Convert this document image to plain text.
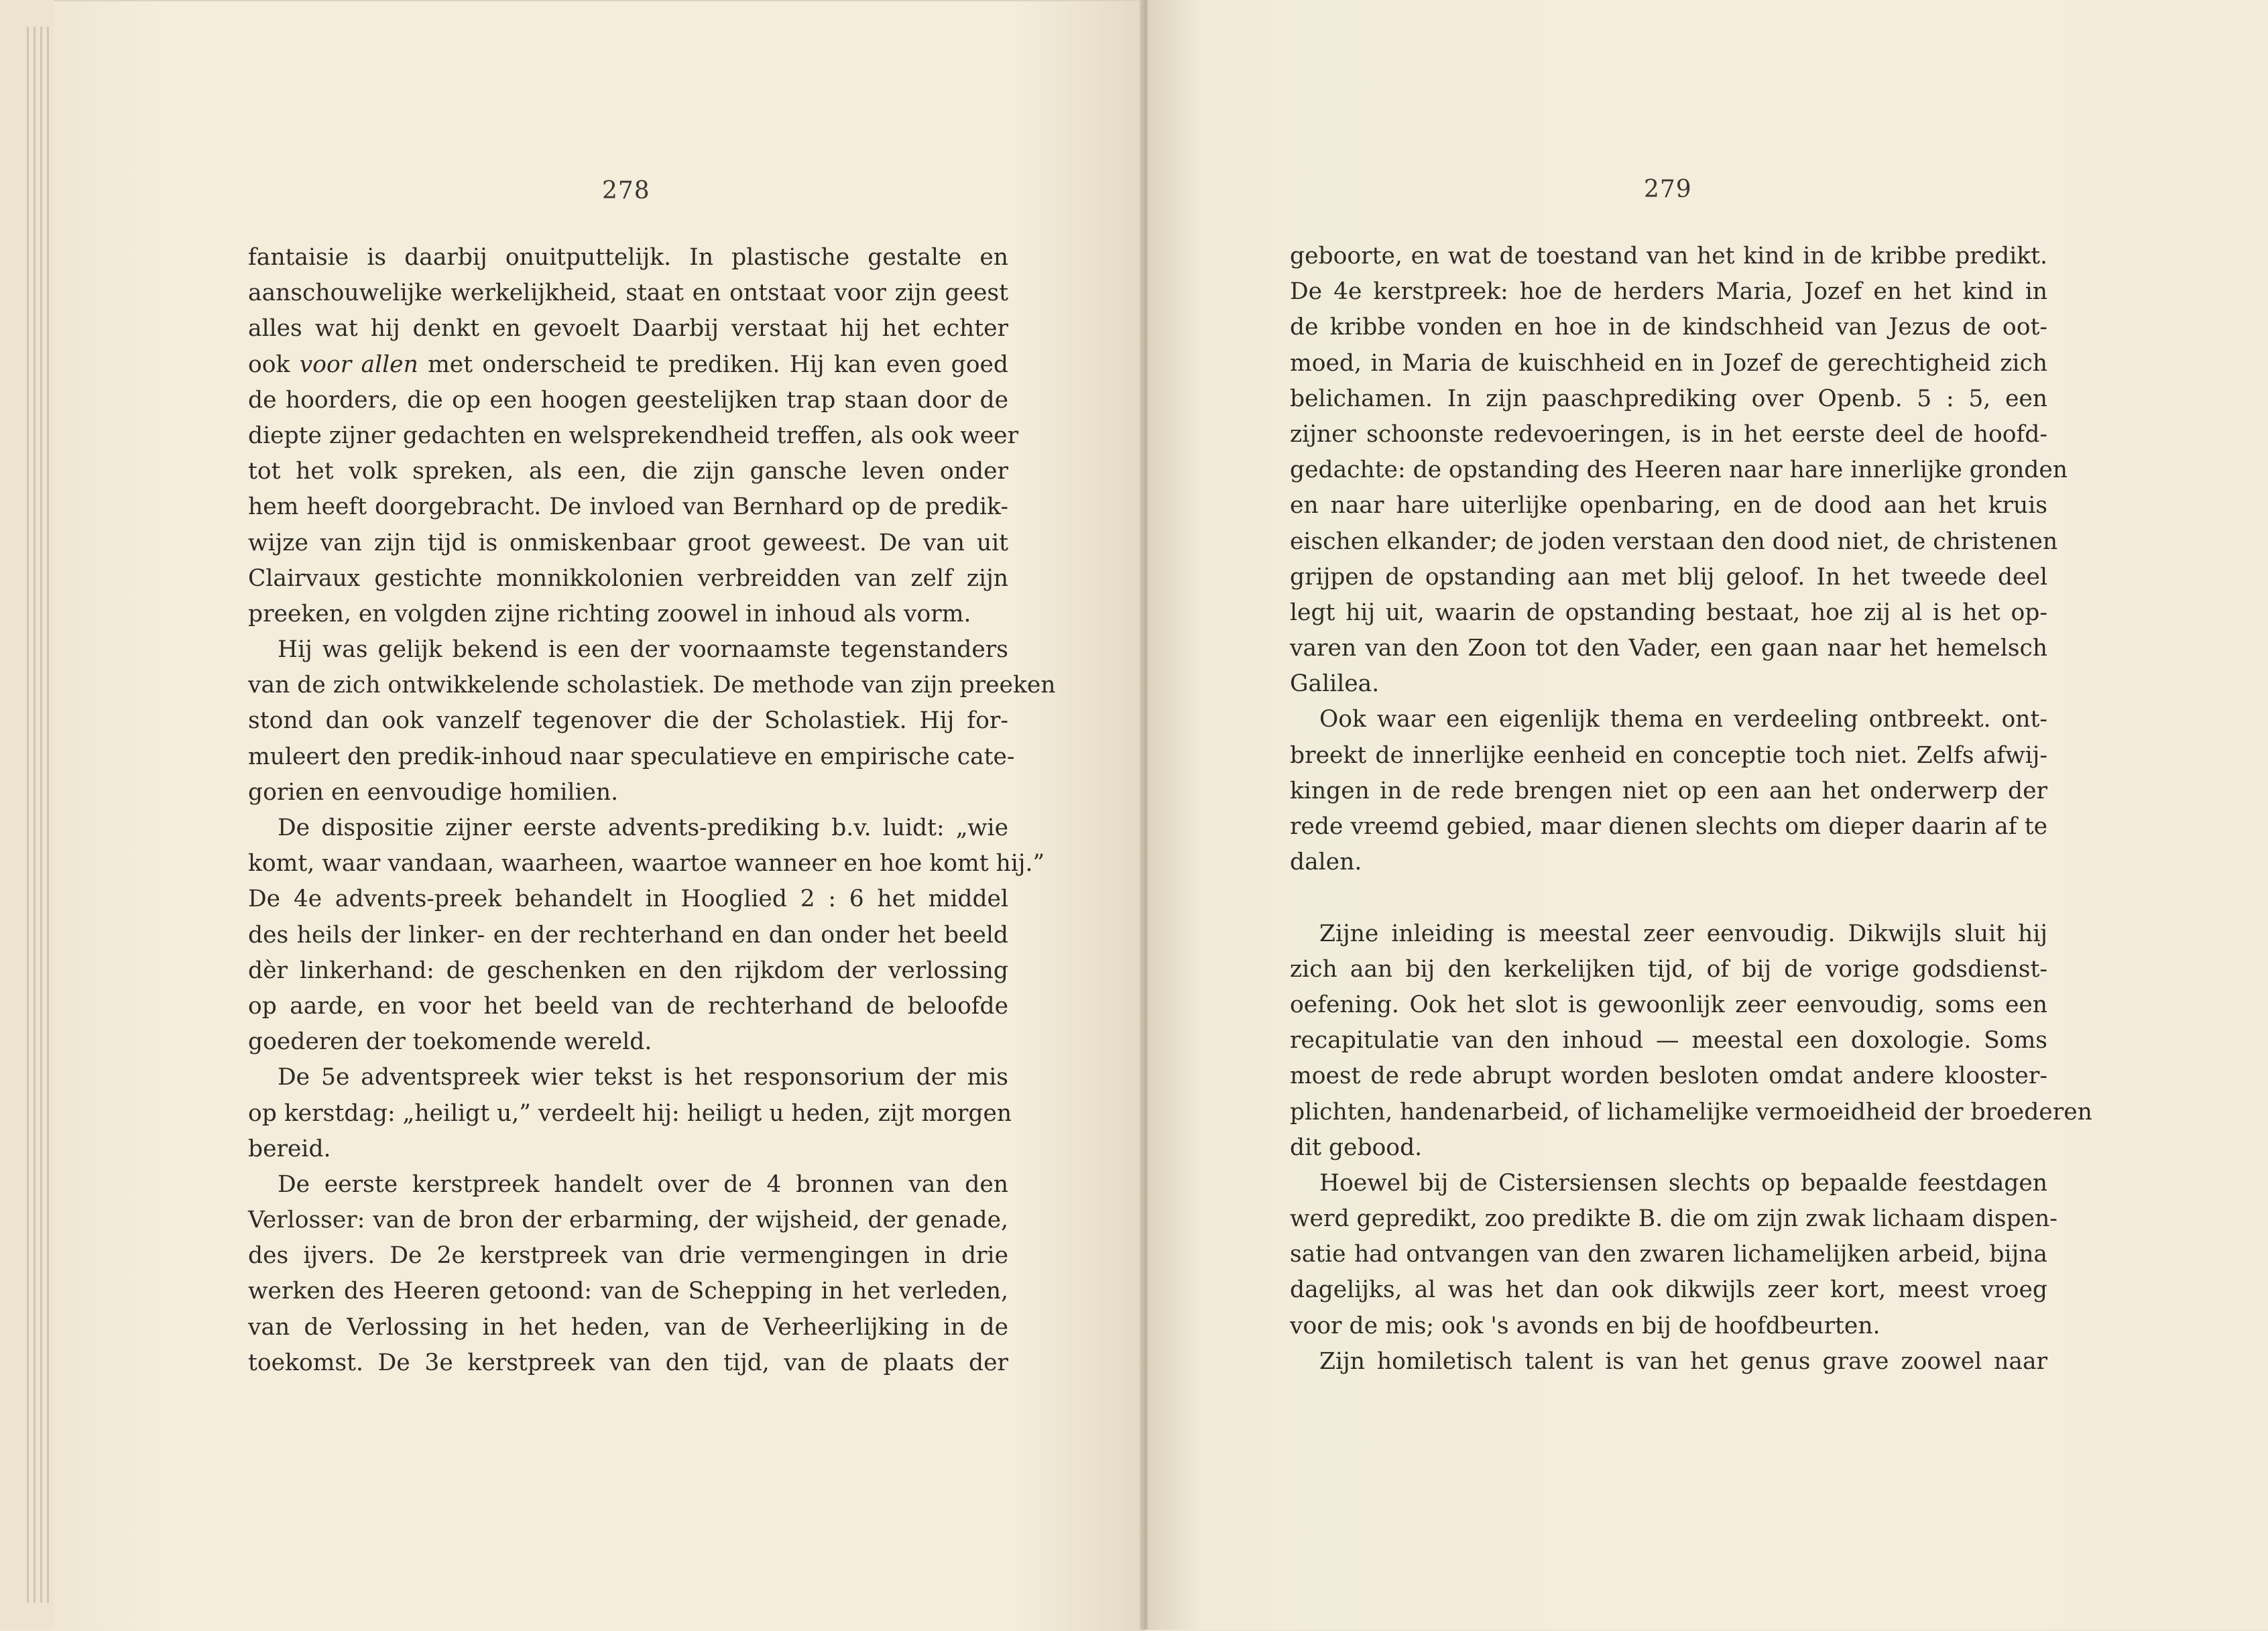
278
fantaisie is daarbij onuitputtelijk. In plastische gestalte en
aanschouwelijke werkelijkheid, staat en ontstaat voor zijn geest
alles wat hij denkt en gevoelt Daarbij verstaat hij het echter
ook voor allen met onderscheid te prediken. Hij kan even goed
de hoorders, die op een hoogen geestelijken trap staan door de
diepte zijner gedachten en welsprekendheid treffen, als ook weer
tot het volk spreken, als een, die zijn gansche leven onder
hem heeft doorgebracht. De invloed van Bernhard op de predik-
wijze van zijn tijd is onmiskenbaar groot geweest. De van uit
Clairvaux gestichte monnikkolonien verbreidden van zelf zijn
preeken, en volgden zijne richting zoowel in inhoud als vorm.
Hij was gelijk bekend is een der voornaamste tegenstanders
van de zich ontwikkelende scholastiek. De methode van zijn preeken
stond dan ook vanzelf tegenover die der Scholastiek. Hij for-
muleert den predik-inhoud naar speculatieve en empirische cate-
gorien en eenvoudige homilien.
De dispositie zijner eerste advents-prediking b.v. luidt: „wie
komt, waar vandaan, waarheen, waartoe wanneer en hoe komt hij.”
De 4e advents-preek behandelt in Hooglied 2 : 6 het middel
des heils der linker- en der rechterhand en dan onder het beeld
dèr linkerhand: de geschenken en den rijkdom der verlossing
op aarde, en voor het beeld van de rechterhand de beloofde
goederen der toekomende wereld.
De 5e adventspreek wier tekst is het responsorium der mis
op kerstdag: „heiligt u,” verdeelt hij: heiligt u heden, zijt morgen
bereid.
De eerste kerstpreek handelt over de 4 bronnen van den
Verlosser: van de bron der erbarming, der wijsheid, der genade,
des ijvers. De 2e kerstpreek van drie vermengingen in drie
werken des Heeren getoond: van de Schepping in het verleden,
van de Verlossing in het heden, van de Verheerlijking in de
toekomst. De 3e kerstpreek van den tijd, van de plaats der
279
geboorte, en wat de toestand van het kind in de kribbe predikt.
De 4e kerstpreek: hoe de herders Maria, Jozef en het kind in
de kribbe vonden en hoe in de kindschheid van Jezus de oot-
moed, in Maria de kuischheid en in Jozef de gerechtigheid zich
belichamen. In zijn paaschprediking over Openb. 5 : 5, een
zijner schoonste redevoeringen, is in het eerste deel de hoofd-
gedachte: de opstanding des Heeren naar hare innerlijke gronden
en naar hare uiterlijke openbaring, en de dood aan het kruis
eischen elkander; de joden verstaan den dood niet, de christenen
grijpen de opstanding aan met blij geloof. In het tweede deel
legt hij uit, waarin de opstanding bestaat, hoe zij al is het op-
varen van den Zoon tot den Vader, een gaan naar het hemelsch
Galilea.
Ook waar een eigenlijk thema en verdeeling ontbreekt. ont-
breekt de innerlijke eenheid en conceptie toch niet. Zelfs afwij-
kingen in de rede brengen niet op een aan het onderwerp der
rede vreemd gebied, maar dienen slechts om dieper daarin af te
dalen.
Zijne inleiding is meestal zeer eenvoudig. Dikwijls sluit hij
zich aan bij den kerkelijken tijd, of bij de vorige godsdienst-
oefening. Ook het slot is gewoonlijk zeer eenvoudig, soms een
recapitulatie van den inhoud — meestal een doxologie. Soms
moest de rede abrupt worden besloten omdat andere klooster-
plichten, handenarbeid, of lichamelijke vermoeidheid der broederen
dit gebood.
Hoewel bij de Cistersiensen slechts op bepaalde feestdagen
werd gepredikt, zoo predikte B. die om zijn zwak lichaam dispen-
satie had ontvangen van den zwaren lichamelijken arbeid, bijna
dagelijks, al was het dan ook dikwijls zeer kort, meest vroeg
voor de mis; ook 's avonds en bij de hoofdbeurten.
Zijn homiletisch talent is van het genus grave zoowel naar
